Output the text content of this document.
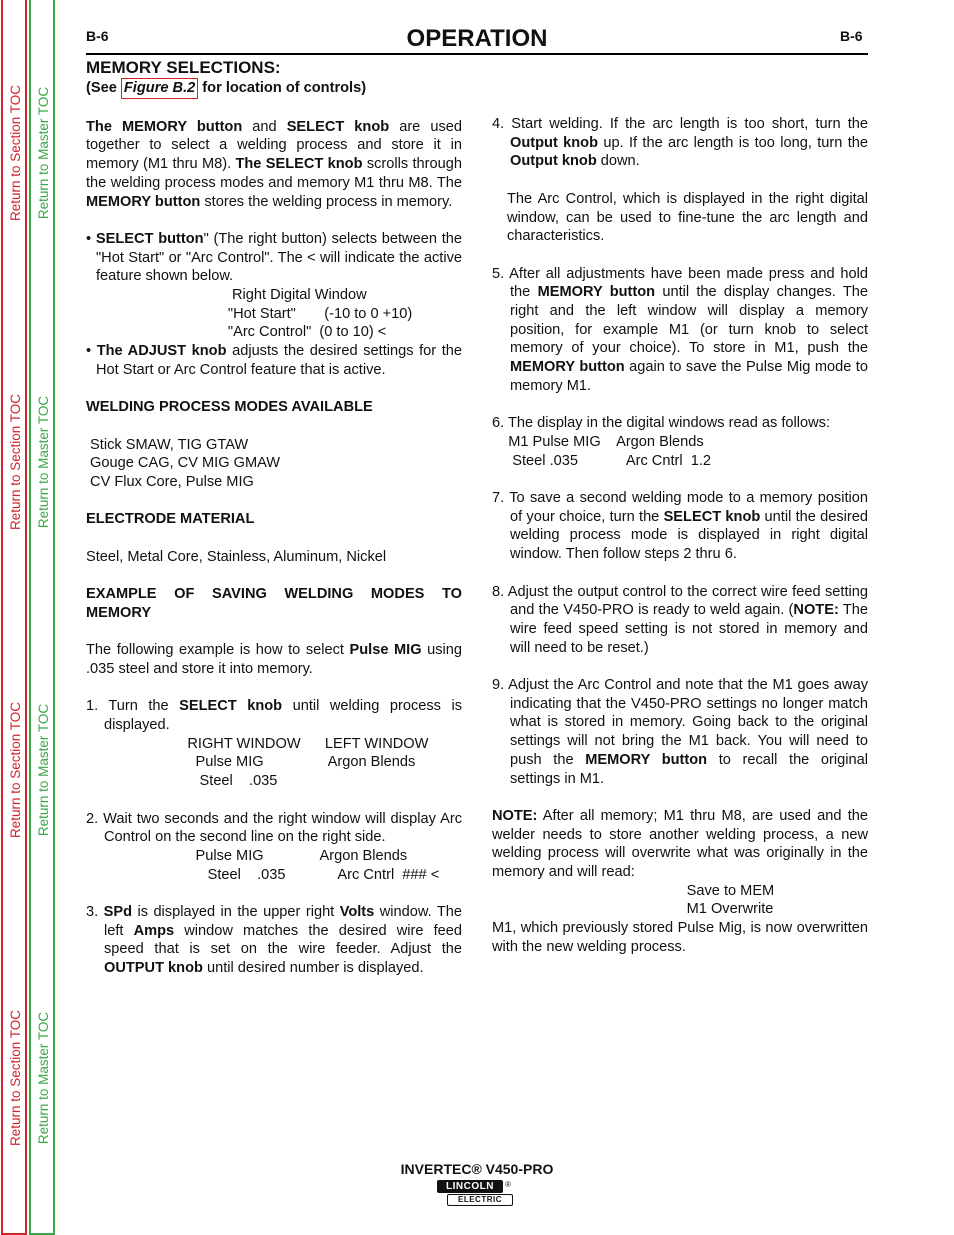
Return to Section TOC
Return to Section TOC
Return to Section TOC
Return to Section TOC
Return to Master TOC
Return to Master TOC
Return to Master TOC
Return to Master TOC
B-6	OPERATION	B-6
MEMORY SELECTIONS:
(See Figure B.2 for location of controls)

The MEMORY button and SELECT knob are used together to select a welding process and store it in memory (M1 thru M8). The SELECT knob scrolls through the welding process modes and memory M1 thru M8. The MEMORY button stores the welding process in memory.

• SELECT button" (The right button) selects between the "Hot Start" or "Arc Control". The < will indicate the active feature shown below.

Right Digital Window
"Hot Start"       (-10 to 0 +10)
"Arc Control"  (0 to 10) <

• The ADJUST knob adjusts the desired settings for the Hot Start or Arc Control feature that is active.

WELDING PROCESS MODES AVAILABLE
Stick SMAW, TIG GTAW
Gouge CAG, CV MIG GMAW
CV Flux Core, Pulse MIG
ELECTRODE MATERIAL
Steel, Metal Core, Stainless, Aluminum, Nickel

EXAMPLE OF SAVING WELDING MODES TO MEMORY

The following example is how to select Pulse MIG using .035 steel and store it into memory.

1. Turn the SELECT knob until welding process is displayed.

RIGHT WINDOW      LEFT WINDOW
Pulse MIG                Argon Blends
Steel    .035

2. Wait two seconds and the right window will display Arc Control on the second line on the right side.

Pulse MIG              Argon Blends
Steel    .035             Arc Cntrl  ### <

3. SPd is displayed in the upper right Volts window. The left Amps window matches the desired wire feed speed that is set on the wire feeder. Adjust the OUTPUT knob until desired number is displayed.

4. Start welding. If the arc length is too short, turn the Output knob up. If the arc length is too long, turn the Output knob down.

The Arc Control, which is displayed in the right digital window, can be used to fine-tune the arc length and characteristics.

5. After all adjustments have been made press and hold the MEMORY button until the display changes. The right and the left window will display a memory position, for example M1 (or turn knob to select memory of your choice). To store in M1, push the MEMORY button again to save the Pulse Mig mode to memory M1.

6. The display in the digital windows read as follows:

M1 Pulse MIG    Argon Blends
Steel .035            Arc Cntrl  1.2

7. To save a second welding mode to a memory position of your choice, turn the SELECT knob until the desired welding process mode is displayed in right digital window. Then follow steps 2 thru 6.

8. Adjust the output control to the correct wire feed setting and the V450-PRO is ready to weld again. (NOTE: The wire feed speed setting is not stored in memory and will need to be reset.)

9. Adjust the Arc Control and note that the M1 goes away indicating that the V450-PRO settings no longer match what is stored in memory. Going back to the original settings will not bring the M1 back. You will need to push the MEMORY button to recall the original settings in M1.

NOTE: After all memory; M1 thru M8, are used and the welder needs to store another welding process, a new welding process will overwrite what was originally in the memory and will read:

Save to MEM
M1 Overwrite

M1, which previously stored Pulse Mig, is now overwritten with the new welding process.

INVERTEC® V450-PRO
LINCOLN	®
ELECTRIC
